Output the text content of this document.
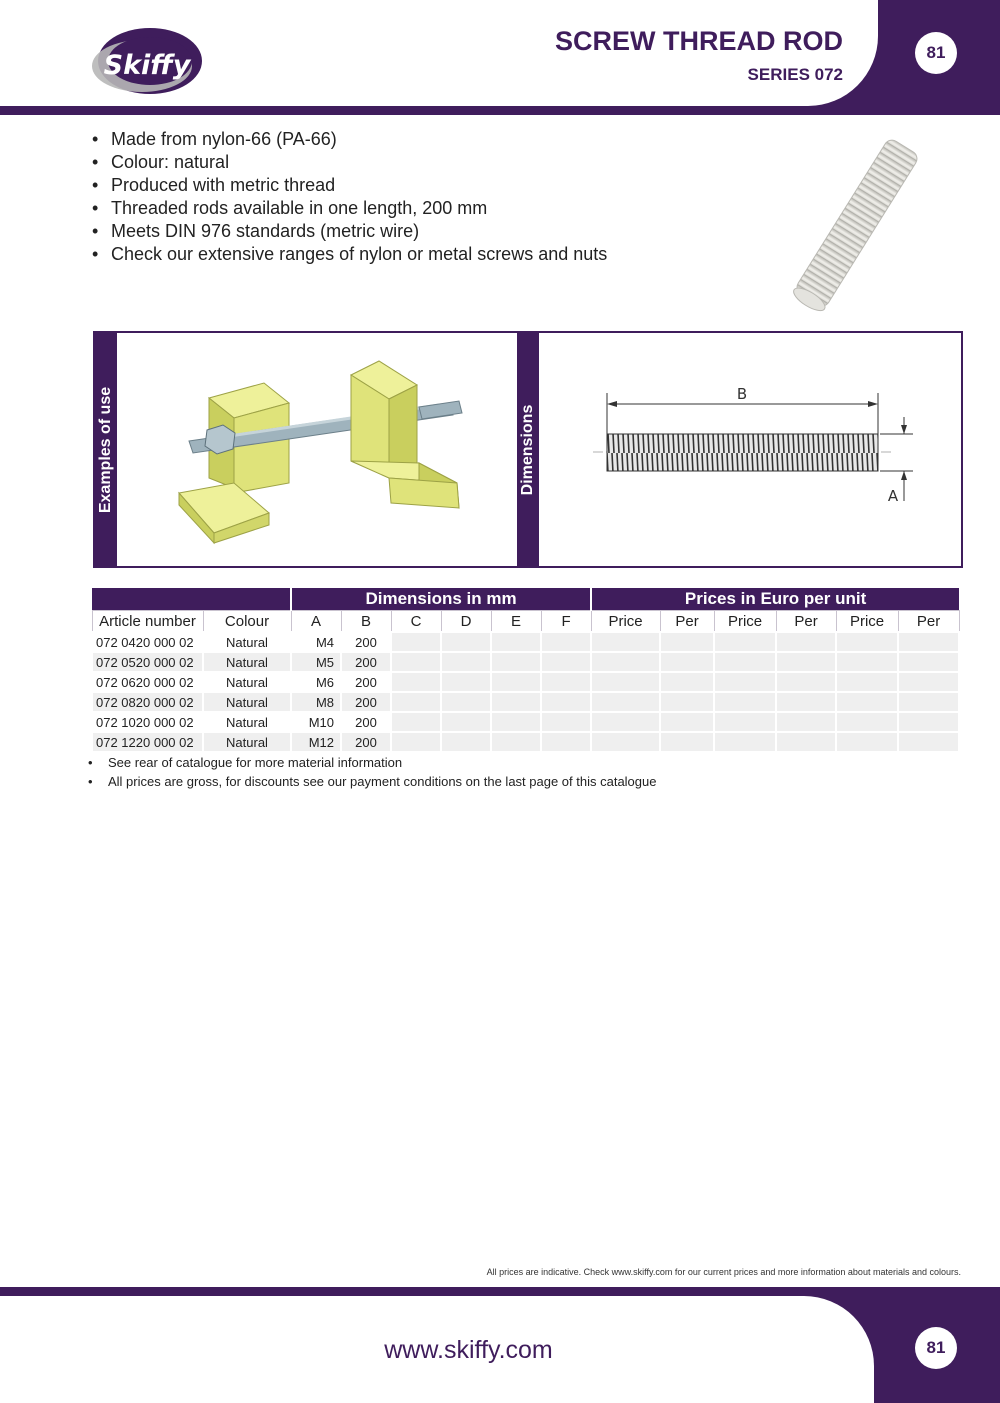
Skiffy
SCREW THREAD ROD
SERIES 072
81
• Made from nylon-66 (PA-66)
• Colour: natural
• Produced with metric thread
• Threaded rods available in one length, 200 mm
• Meets DIN 976 standards (metric wire)
• Check our extensive ranges of nylon or metal screws and nuts
Examples of use	Dimensions
B
A
		Dimensions in mm						Prices in Euro per unit					
Article number	Colour	A	B	C	D	E	F	Price	Per	Price	Per	Price	Per
072 0420 000 02	Natural	M4	200										
072 0520 000 02	Natural	M5	200										
072 0620 000 02	Natural	M6	200										
072 0820 000 02	Natural	M8	200										
072 1020 000 02	Natural	M10	200										
072 1220 000 02	Natural	M12	200										
• See rear of catalogue for more material information
• All prices are gross, for discounts see our payment conditions on the last page of this catalogue
All prices are indicative. Check www.skiffy.com for our current prices and more information about materials and colours.
www.skiffy.com	81
